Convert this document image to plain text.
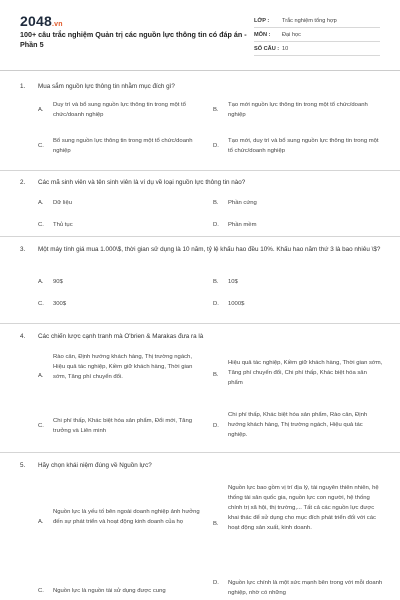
2048.vn
100+ câu trắc nghiệm Quản trị các nguồn lực thông tin có đáp án - Phần 5
LỚP :	Trắc nghiệm tổng hợp
MÔN :	Đại học
SỐ CÂU : 10
1.	Mua sắm nguồn lực thông tin nhằm mục đích gì?
A.
Duy trì và bổ sung nguồn lực thông tin trong một tổ chức/doanh nghiệp
B.
Tạo mới nguồn lực thông tin trong một tổ chức/doanh nghiệp
C.
Bổ sung nguồn lực thông tin trong một tổ chức/doanh nghiệp
D.
Tạo mới, duy trì và bổ sung nguồn lực thông tin trong một tổ chức/doanh nghiệp
2.	Các mã sinh viên và tên sinh viên là ví dụ về loại nguồn lực thông tin nào?
A.	Dữ liệu	B.	Phần cứng
C.	Thủ tục	D.	Phần mềm
3.	Một máy tính giá mua 1.000\$, thời gian sử dụng là 10 năm, tỷ lệ khấu hao đều 10%. Khấu hao năm thứ 3 là bao nhiêu \$?
A.	90$	B.	10$
C.	300$	D.	1000$
4.	Các chiến lược cạnh tranh mà O'brien & Marakas đưa ra là
A.
Rào cản, Định hướng khách hàng, Thị trường ngách, Hiệu quả tác nghiệp, Kiềm giữ khách hàng, Thời gian sớm, Tăng phí chuyển đổi.	B.
Hiệu quả tác nghiệp, Kiềm giữ khách hàng, Thời gian sớm, Tăng phí chuyển đổi, Chi phí thấp, Khác biệt hóa sản phẩm
C.
Chi phí thấp, Khác biệt hóa sản phẩm, Đổi mới, Tăng trưởng và Liên minh
D.
Chi phí thấp, Khác biệt hóa sản phẩm, Rào cản, Định hướng khách hàng, Thị trường ngách, Hiệu quả tác nghiệp.
5.	Hãy chọn khái niệm đúng về Nguồn lực?
A.
Nguồn lực là yếu tố bên ngoài doanh nghiệp ảnh hưởng đến sự phát triển và hoạt động kinh doanh của họ	B.
Nguồn lực bao gồm vị trí địa lý, tài nguyên thiên nhiên, hệ thống tài sản quốc gia, nguồn lực con người, hệ thống chính trị xã hội, thị trường,... Tất cả các nguồn lực được khai thác để sử dụng cho mục đích phát triển đối với các hoạt động sản xuất, kinh doanh.
C.	Nguồn lực là nguồn tài sử dụng được cung
D.	Nguồn lực chính là một sức mạnh bên trong với mỗi doanh nghiệp, nhờ có những
